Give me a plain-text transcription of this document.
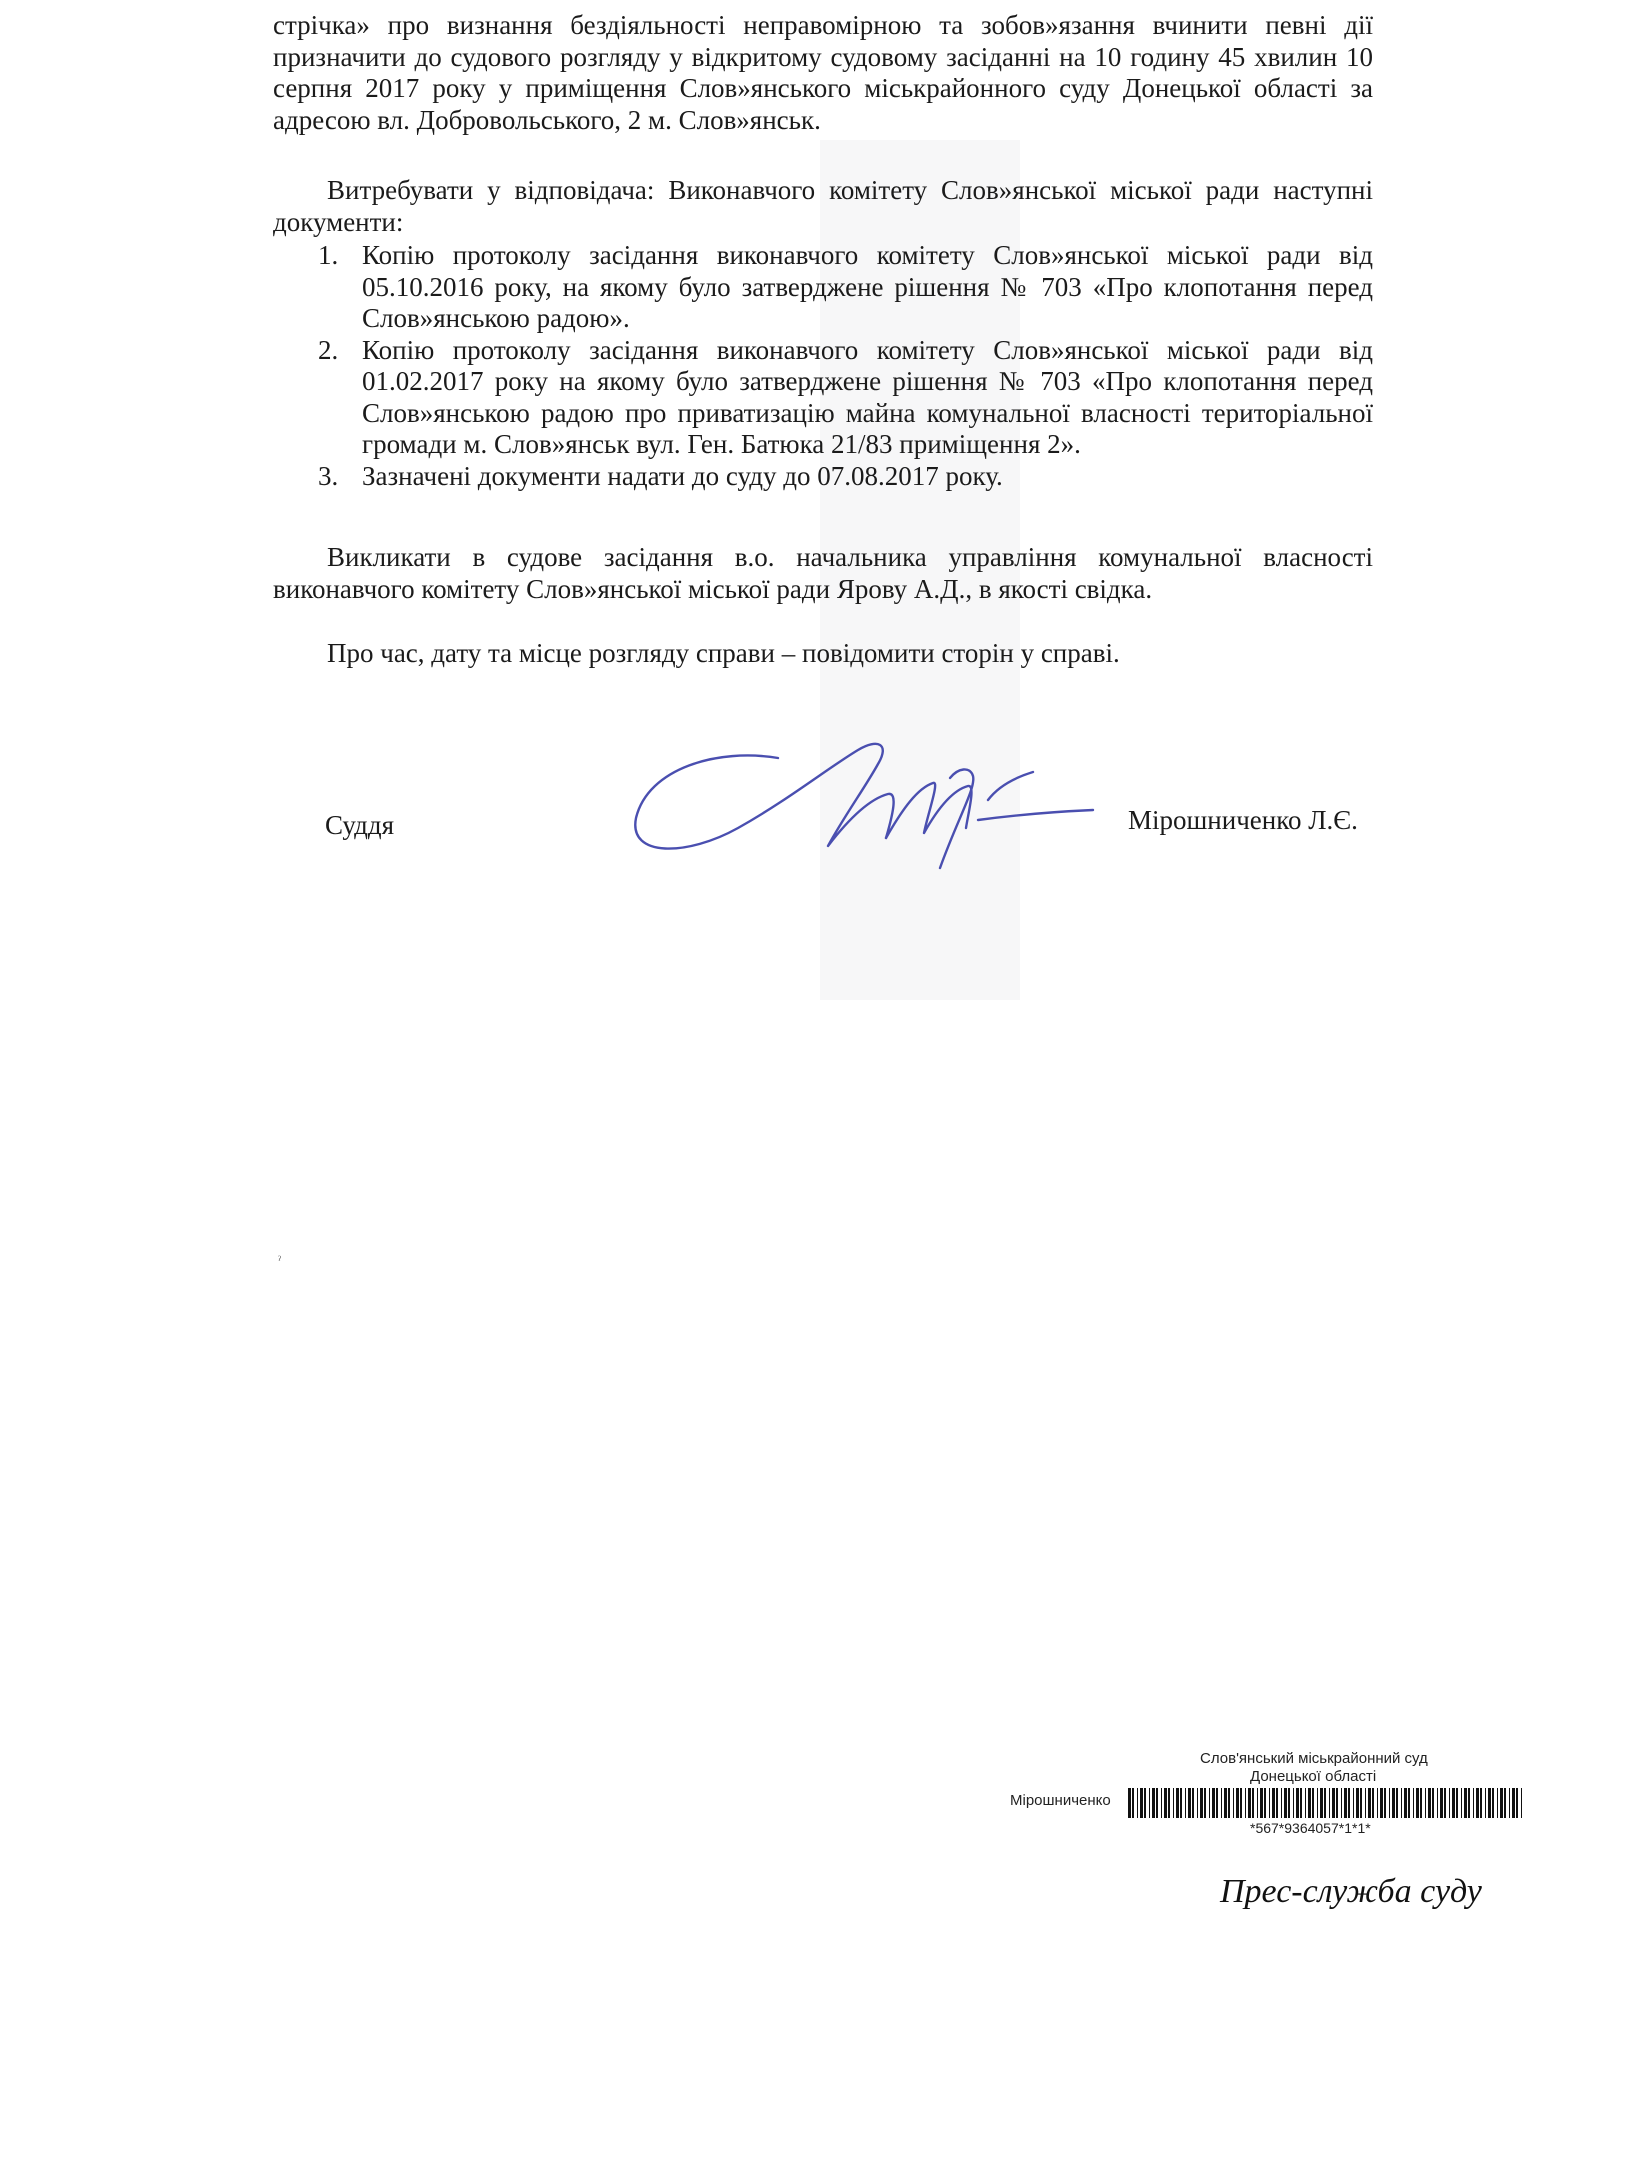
стрічка» про визнання бездіяльності неправомірною та зобов»язання вчинити певні дії призначити до судового розгляду у відкритому судовому засіданні на 10 годину 45 хвилин 10 серпня 2017 року у приміщення Слов»янського міськрайонного суду Донецької області за адресою вл. Добровольського, 2 м. Слов»янськ.

Витребувати у відповідача: Виконавчого комітету Слов»янської міської ради наступні документи:

1. Копію протоколу засідання виконавчого комітету Слов»янської міської ради від 05.10.2016 року, на якому було затверджене рішення № 703 «Про клопотання перед Слов»янською радою».
2. Копію протоколу засідання виконавчого комітету Слов»янської міської ради від 01.02.2017 року на якому було затверджене рішення № 703 «Про клопотання перед Слов»янською радою про приватизацію майна комунальної власності територіальної громади м. Слов»янськ вул. Ген. Батюка 21/83 приміщення 2».
3. Зазначені документи надати до суду до 07.08.2017 року.

Викликати в судове засідання в.о. начальника управління комунальної власності виконавчого комітету Слов»янської міської ради Ярову А.Д., в якості свідка.

Про час, дату та місце розгляду справи – повідомити сторін у справі.

Суддя	Мірошниченко Л.Є.
ˀ
Слов'янський міськрайонний суд
Донецької області
Мірошниченко
*567*9364057*1*1*
Прес-служба суду
